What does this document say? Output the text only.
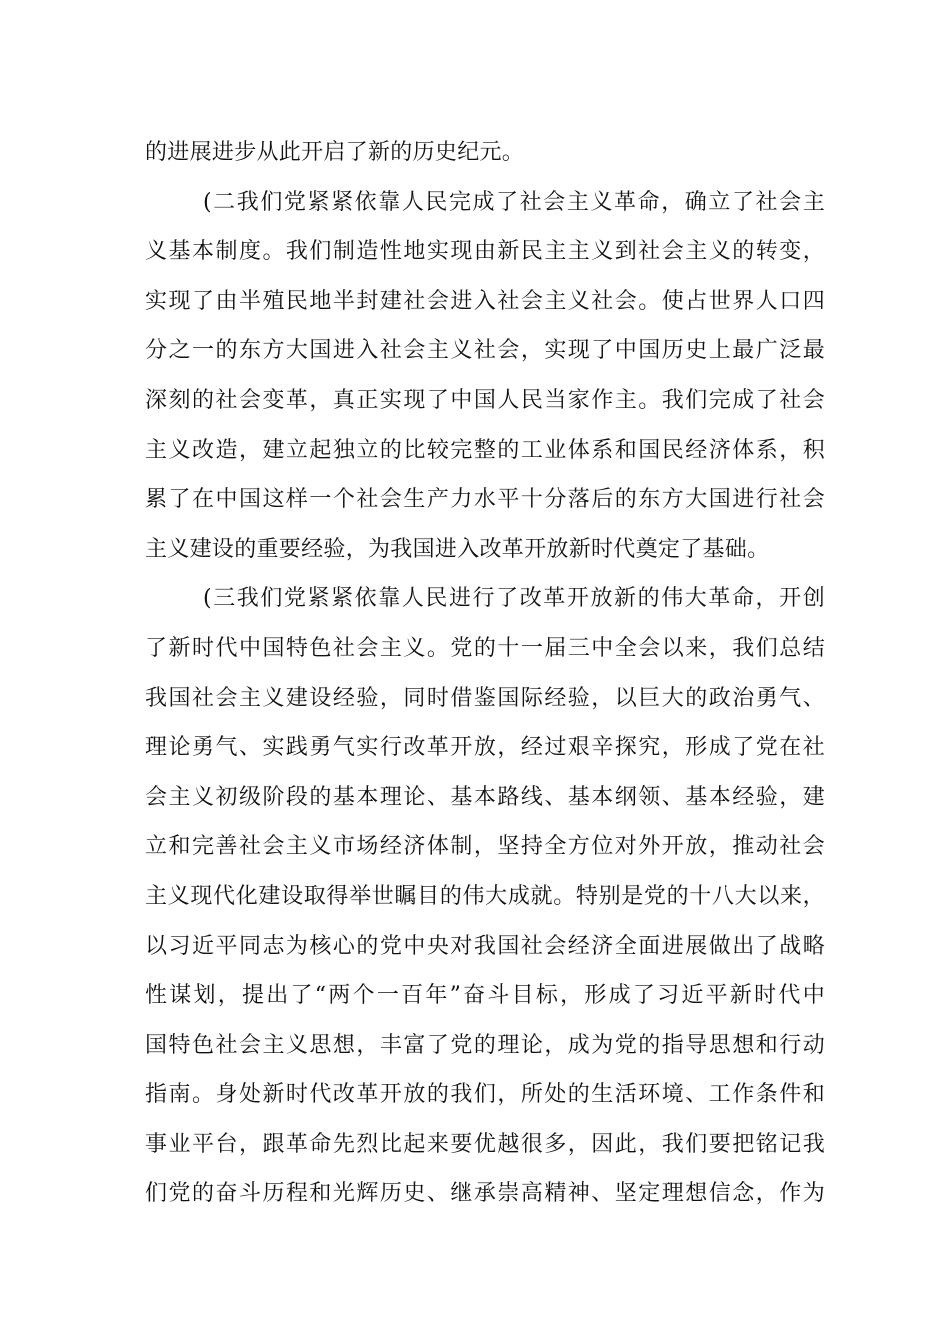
的进展进步从此开启了新的历史纪元。
(二我们党紧紧依靠人民完成了社会主义革命，确立了社会主
义基本制度。我们制造性地实现由新民主主义到社会主义的转变，
实现了由半殖民地半封建社会进入社会主义社会。使占世界人口四
分之一的东方大国进入社会主义社会，实现了中国历史上最广泛最
深刻的社会变革，真正实现了中国人民当家作主。我们完成了社会
主义改造，建立起独立的比较完整的工业体系和国民经济体系，积
累了在中国这样一个社会生产力水平十分落后的东方大国进行社会
主义建设的重要经验，为我国进入改革开放新时代奠定了基础。
(三我们党紧紧依靠人民进行了改革开放新的伟大革命，开创
了新时代中国特色社会主义。党的十一届三中全会以来，我们总结
我国社会主义建设经验，同时借鉴国际经验，以巨大的政治勇气、
理论勇气、实践勇气实行改革开放，经过艰辛探究，形成了党在社
会主义初级阶段的基本理论、基本路线、基本纲领、基本经验，建
立和完善社会主义市场经济体制，坚持全方位对外开放，推动社会
主义现代化建设取得举世瞩目的伟大成就。特别是党的十八大以来，
以习近平同志为核心的党中央对我国社会经济全面进展做出了战略
性谋划，提出了“两个一百年”奋斗目标，形成了习近平新时代中
国特色社会主义思想，丰富了党的理论，成为党的指导思想和行动
指南。身处新时代改革开放的我们，所处的生活环境、工作条件和
事业平台，跟革命先烈比起来要优越很多，因此，我们要把铭记我
们党的奋斗历程和光辉历史、继承崇高精神、坚定理想信念，作为
